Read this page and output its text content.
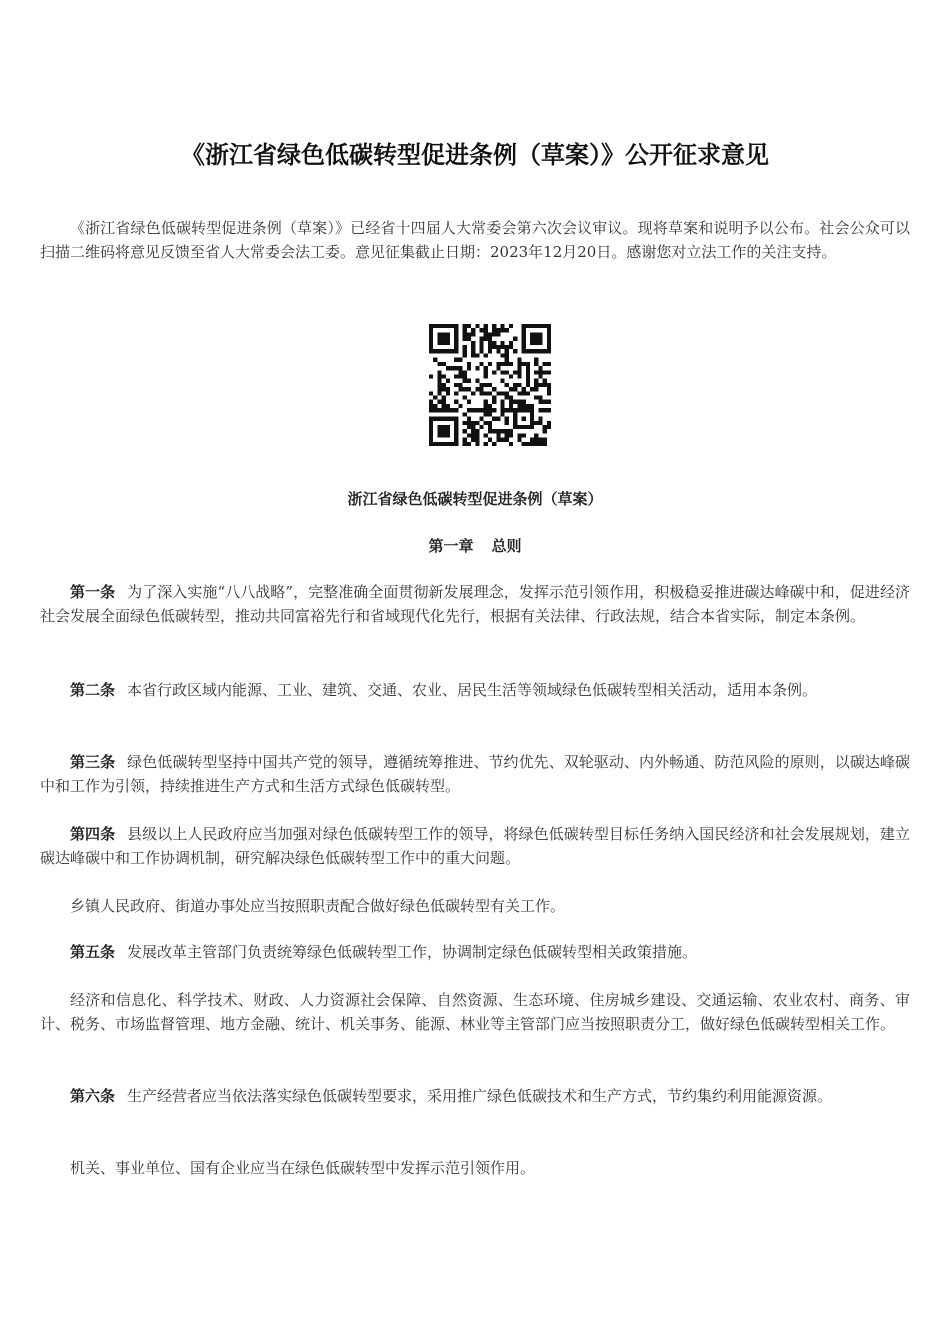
《浙江省绿色低碳转型促进条例（草案）》公开征求意见

《浙江省绿色低碳转型促进条例（草案）》已经省十四届人大常委会第六次会议审议。现将草案和说明予以公布。社会公众可以扫描二维码将意见反馈至省人大常委会法工委。意见征集截止日期：2023年12月20日。感谢您对立法工作的关注支持。

浙江省绿色低碳转型促进条例（草案）

第一章 总则

第一条 为了深入实施“八八战略”，完整准确全面贯彻新发展理念，发挥示范引领作用，积极稳妥推进碳达峰碳中和，促进经济社会发展全面绿色低碳转型，推动共同富裕先行和省域现代化先行，根据有关法律、行政法规，结合本省实际，制定本条例。

第二条 本省行政区域内能源、工业、建筑、交通、农业、居民生活等领域绿色低碳转型相关活动，适用本条例。

第三条 绿色低碳转型坚持中国共产党的领导，遵循统筹推进、节约优先、双轮驱动、内外畅通、防范风险的原则，以碳达峰碳中和工作为引领，持续推进生产方式和生活方式绿色低碳转型。

第四条 县级以上人民政府应当加强对绿色低碳转型工作的领导，将绿色低碳转型目标任务纳入国民经济和社会发展规划，建立碳达峰碳中和工作协调机制，研究解决绿色低碳转型工作中的重大问题。

乡镇人民政府、街道办事处应当按照职责配合做好绿色低碳转型有关工作。

第五条 发展改革主管部门负责统筹绿色低碳转型工作，协调制定绿色低碳转型相关政策措施。

经济和信息化、科学技术、财政、人力资源社会保障、自然资源、生态环境、住房城乡建设、交通运输、农业农村、商务、审计、税务、市场监督管理、地方金融、统计、机关事务、能源、林业等主管部门应当按照职责分工，做好绿色低碳转型相关工作。

第六条 生产经营者应当依法落实绿色低碳转型要求，采用推广绿色低碳技术和生产方式，节约集约利用能源资源。

机关、事业单位、国有企业应当在绿色低碳转型中发挥示范引领作用。
